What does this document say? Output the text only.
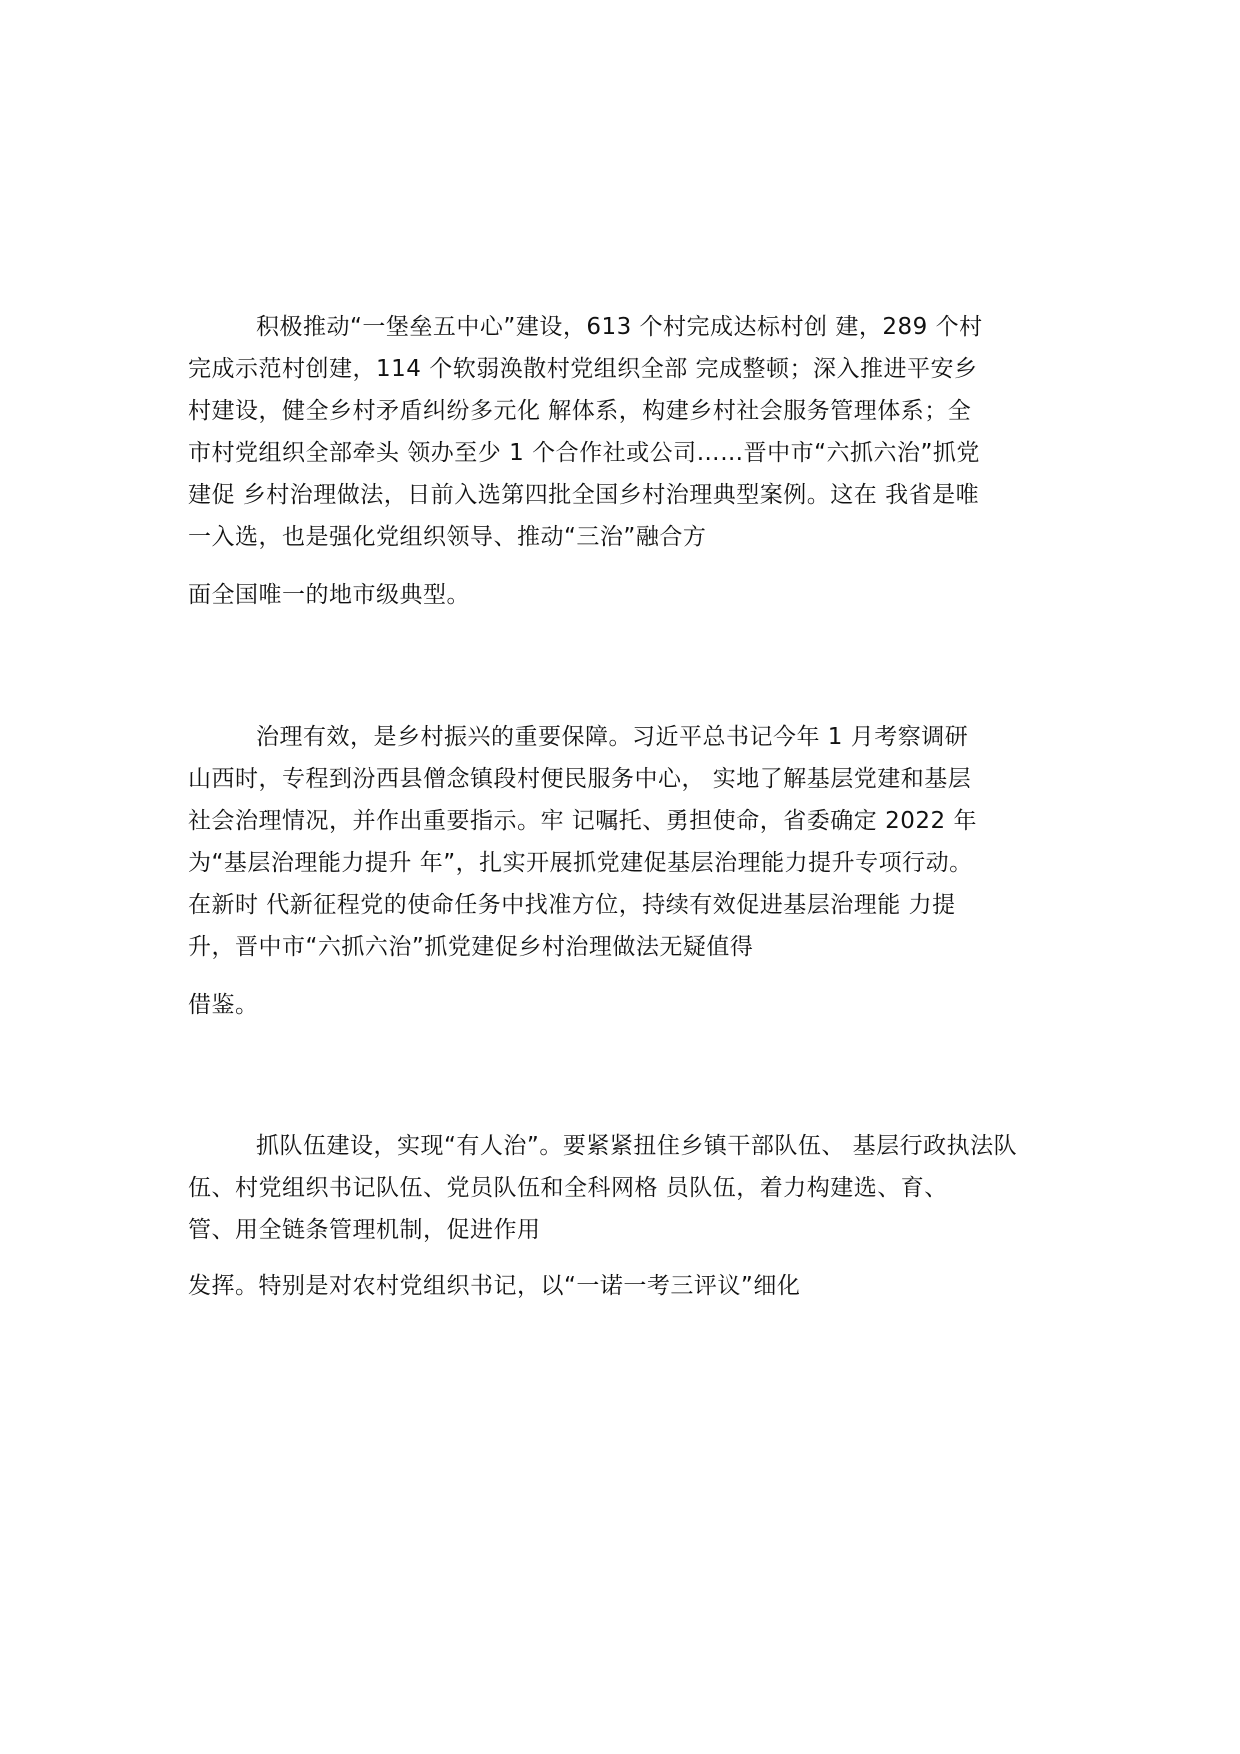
积极推动“一堡垒五中心”建设，613 个村完成达标村创 建，289 个村
完成示范村创建，114 个软弱涣散村党组织全部 完成整顿；深入推进平安乡
村建设，健全乡村矛盾纠纷多元化 解体系，构建乡村社会服务管理体系；全
市村党组织全部牵头 领办至少 1 个合作社或公司……晋中市“六抓六治”抓党
建促 乡村治理做法，日前入选第四批全国乡村治理典型案例。这在 我省是唯
一入选，也是强化党组织领导、推动“三治”融合方
面全国唯一的地市级典型。
治理有效，是乡村振兴的重要保障。习近平总书记今年 1 月考察调研
山西时，专程到汾西县僧念镇段村便民服务中心， 实地了解基层党建和基层
社会治理情况，并作出重要指示。牢 记嘱托、勇担使命，省委确定 2022 年
为“基层治理能力提升 年”，扎实开展抓党建促基层治理能力提升专项行动。
在新时 代新征程党的使命任务中找准方位，持续有效促进基层治理能 力提
升，晋中市“六抓六治”抓党建促乡村治理做法无疑值得
借鉴。
抓队伍建设，实现“有人治”。要紧紧扭住乡镇干部队伍、 基层行政执法队
伍、村党组织书记队伍、党员队伍和全科网格 员队伍，着力构建选、育、
管、用全链条管理机制，促进作用
发挥。特别是对农村党组织书记，以“一诺一考三评议”细化
